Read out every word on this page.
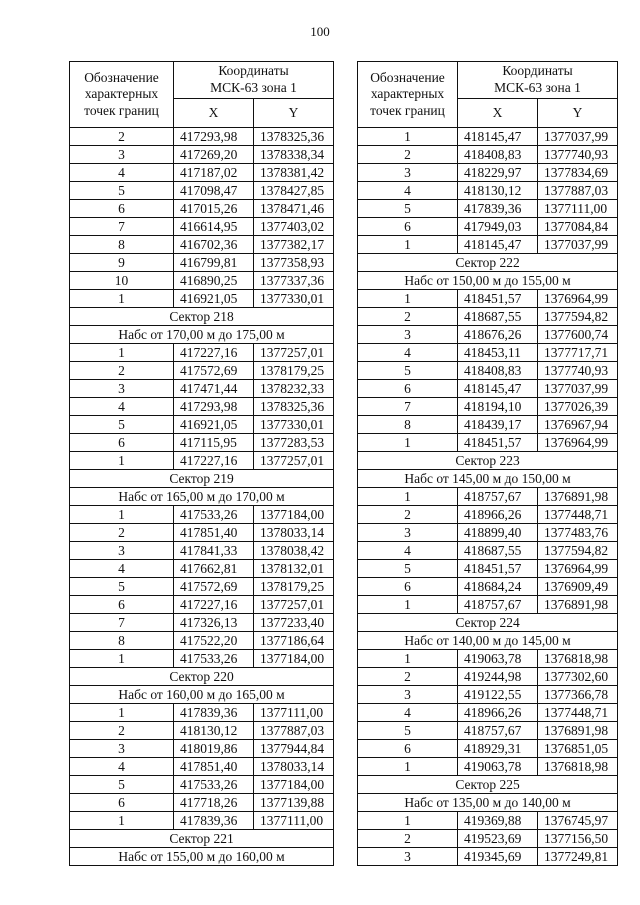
100
Обозначение
характерных
точек границ	Координаты
МСК-63 зона 1	
	X	Y
2	417293,98	1378325,36
3	417269,20	1378338,34
4	417187,02	1378381,42
5	417098,47	1378427,85
6	417015,26	1378471,46
7	416614,95	1377403,02
8	416702,36	1377382,17
9	416799,81	1377358,93
10	416890,25	1377337,36
1	416921,05	1377330,01
Сектор 218		
Набс от 170,00 м до 175,00 м		
1	417227,16	1377257,01
2	417572,69	1378179,25
3	417471,44	1378232,33
4	417293,98	1378325,36
5	416921,05	1377330,01
6	417115,95	1377283,53
1	417227,16	1377257,01
Сектор 219		
Набс от 165,00 м до 170,00 м		
1	417533,26	1377184,00
2	417851,40	1378033,14
3	417841,33	1378038,42
4	417662,81	1378132,01
5	417572,69	1378179,25
6	417227,16	1377257,01
7	417326,13	1377233,40
8	417522,20	1377186,64
1	417533,26	1377184,00
Сектор 220		
Набс от 160,00 м до 165,00 м		
1	417839,36	1377111,00
2	418130,12	1377887,03
3	418019,86	1377944,84
4	417851,40	1378033,14
5	417533,26	1377184,00
6	417718,26	1377139,88
1	417839,36	1377111,00
Сектор 221		
Набс от 155,00 м до 160,00 м		
Обозначение
характерных
точек границ	Координаты
МСК-63 зона 1	
	X	Y
1	418145,47	1377037,99
2	418408,83	1377740,93
3	418229,97	1377834,69
4	418130,12	1377887,03
5	417839,36	1377111,00
6	417949,03	1377084,84
1	418145,47	1377037,99
Сектор 222		
Набс от 150,00 м до 155,00 м		
1	418451,57	1376964,99
2	418687,55	1377594,82
3	418676,26	1377600,74
4	418453,11	1377717,71
5	418408,83	1377740,93
6	418145,47	1377037,99
7	418194,10	1377026,39
8	418439,17	1376967,94
1	418451,57	1376964,99
Сектор 223		
Набс от 145,00 м до 150,00 м		
1	418757,67	1376891,98
2	418966,26	1377448,71
3	418899,40	1377483,76
4	418687,55	1377594,82
5	418451,57	1376964,99
6	418684,24	1376909,49
1	418757,67	1376891,98
Сектор 224		
Набс от 140,00 м до 145,00 м		
1	419063,78	1376818,98
2	419244,98	1377302,60
3	419122,55	1377366,78
4	418966,26	1377448,71
5	418757,67	1376891,98
6	418929,31	1376851,05
1	419063,78	1376818,98
Сектор 225		
Набс от 135,00 м до 140,00 м		
1	419369,88	1376745,97
2	419523,69	1377156,50
3	419345,69	1377249,81
